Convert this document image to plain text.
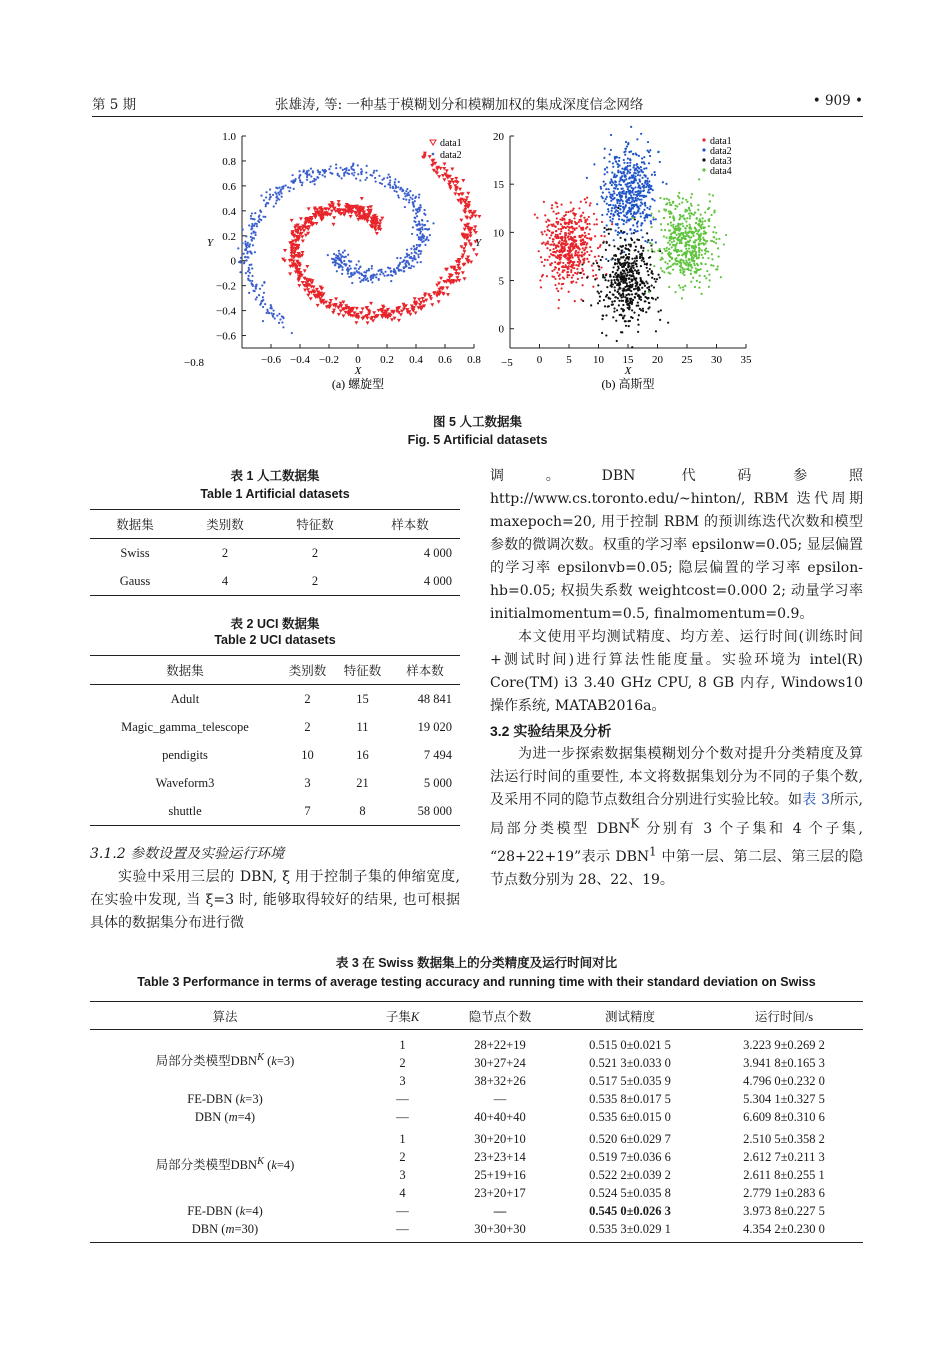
第 5 期	张雄涛, 等: 一种基于模糊划分和模糊加权的集成深度信念网络	• 909 •
−0.6 −0.4 −0.2 0 0.2 0.4 0.6 0.8
1.0
0.8
0.6
0.4
0.2
0
−0.2
−0.4
−0.6
X
Y
(a) 螺旋型
−0.8
data1
data2
0 5 10 15 20 25 30 35
20
15
10
5
0
X
Y
(b) 高斯型
−5
data1
data2
data3
data4
图 5 人工数据集
Fig. 5 Artificial datasets
表 1 人工数据集
Table 1 Artificial datasets
数据集	类别数	特征数	样本数
Swiss	2	2	4 000
Gauss	4	2	4 000
表 2 UCI 数据集
Table 2 UCI datasets
数据集	类别数	特征数	样本数
Adult	2	15	48 841
Magic_gamma_telescope	2	11	19 020
pendigits	10	16	7 494
Waveform3	3	21	5 000
shuttle	7	8	58 000

3.1.2 参数设置及实验运行环境

实验中采用三层的 DBN, ξ 用于控制子集的伸缩宽度, 在实验中发现, 当 ξ=3 时, 能够取得较好的结果, 也可根据具体的数据集分布进行微

调。DBN 代码参照 http://www.cs.toronto.edu/~hinton/, RBM 迭代周期 maxepoch=20, 用于控制 RBM 的预训练迭代次数和模型参数的微调次数。权重的学习率 epsilonw=0.05; 显层偏置的学习率 epsilonvb=0.05; 隐层偏置的学习率 epsilon-hb=0.05; 权损失系数 weightcost=0.000 2; 动量学习率 initialmomentum=0.5, finalmomentum=0.9。

本文使用平均测试精度、均方差、运行时间(训练时间+测试时间)进行算法性能度量。实验环境为 intel(R) Core(TM) i3 3.40 GHz CPU, 8 GB 内存, Windows10 操作系统, MATAB2016a。

3.2 实验结果及分析

为进一步探索数据集模糊划分个数对提升分类精度及算法运行时间的重要性, 本文将数据集划分为不同的子集个数, 及采用不同的隐节点数组合分别进行实验比较。如表 3所示, 局部分类模型 $DBN^K$ 分别有 3 个子集和 4 个子集, “28+22+19”表示 DBN$^1$ 中第一层、第二层、第三层的隐节点数分别为 28、22、19。

表 3 在 Swiss 数据集上的分类精度及运行时间对比
Table 3 Performance in terms of average testing accuracy and running time with their standard deviation on Swiss
算法	子集K	隐节点个数	测试精度	运行时间/s
局部分类模型$DBN^K$ (k=3)	1	28+22+19	0.515 0±0.021 5	3.223 9±0.269 2
	2	30+27+24	0.521 3±0.033 0	3.941 8±0.165 3
	3	38+32+26	0.517 5±0.035 9	4.796 0±0.232 0
FE-DBN (k=3)	—	—	0.535 8±0.017 5	5.304 1±0.327 5
DBN (m=4)	—	40+40+40	0.535 6±0.015 0	6.609 8±0.310 6
局部分类模型$DBN^K$ (k=4)	1	30+20+10	0.520 6±0.029 7	2.510 5±0.358 2
	2	23+23+14	0.519 7±0.036 6	2.612 7±0.211 3
	3	25+19+16	0.522 2±0.039 2	2.611 8±0.255 1
	4	23+20+17	0.524 5±0.035 8	2.779 1±0.283 6
FE-DBN (k=4)	—	—	0.545 0±0.026 3	3.973 8±0.227 5
DBN (m=30)	—	30+30+30	0.535 3±0.029 1	4.354 2±0.230 0
